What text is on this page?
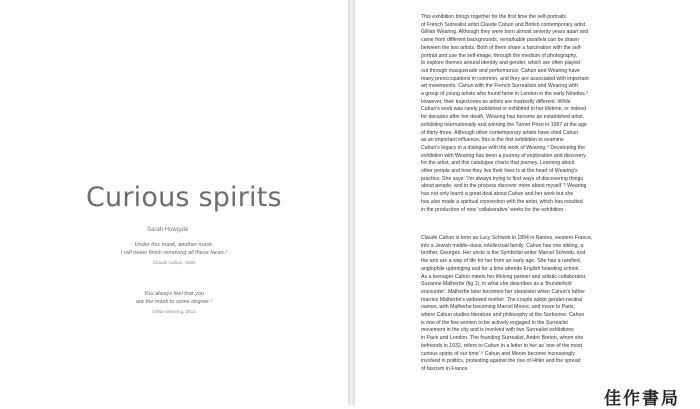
Curious spirits
Sarah Howgate
Under this mask, another mask.
I will never finish removing all these faces.¹
Claude Cahun, 1930
You always feel that you
are the mask to some degree.²
Gillian Wearing, 2012
This exhibition brings together for the first time the self-portraits
of French Surrealist artist Claude Cahun and British contemporary artist
Gillian Wearing. Although they were born almost seventy years apart and
came from different backgrounds, remarkable parallels can be drawn
between the two artists. Both of them share a fascination with the self-
portrait and use the self-image, through the medium of photography,
to explore themes around identity and gender, which are often played
out through masquerade and performance. Cahun and Wearing have
many preoccupations in common, and they are associated with important
art movements: Cahun with the French Surrealists and Wearing with
a group of young artists who found fame in London in the early Nineties.³
However, their trajectories as artists are markedly different. While
Cahun's work was rarely published or exhibited in her lifetime, or indeed
for decades after her death, Wearing has become an established artist,
exhibiting internationally and winning the Turner Prize in 1997 at the age
of thirty-three. Although other contemporary artists have cited Cahun
as an important influence, this is the first exhibition to examine
Cahun's legacy in a dialogue with the work of Wearing.⁴ Developing the
exhibition with Wearing has been a journey of exploration and discovery
for the artist, and this catalogue charts that journey. Learning about
other people and how they live their lives is at the heart of Wearing's
practice. She says: 'I'm always trying to find ways of discovering things
about people, and in the process discover more about myself.'⁵ Wearing
has not only learnt a great deal about Cahun and her work but she
has also made a spiritual connection with the artist, which has resulted
in the production of new 'collaborative' works for the exhibition.
Claude Cahun is born as Lucy Schwob in 1894 in Nantes, western France,
into a Jewish middle-class, intellectual family. Cahun has one sibling, a
brother, Georges. Her uncle is the Symbolist writer Marcel Schwob, and
the arts are a way of life for her from an early age. She has a rarefied,
anglophile upbringing and for a time attends English boarding school.
As a teenager Cahun meets her lifelong partner and artistic collaborator,
Suzanne Malherbe (fig.1), in what she describes as a 'thunderbolt
encounter'. Malherbe later becomes her stepsister when Cahun's father
marries Malherbe's widowed mother. The couple adopt gender-neutral
names, with Malherbe becoming Marcel Moore, and move to Paris,
where Cahun studies literature and philosophy at the Sorbonne. Cahun
is one of the few women to be actively engaged in the Surrealist
movement in the city and is involved with two Surrealist exhibitions
in Paris and London. The founding Surrealist, André Breton, whom she
befriends in 1932, refers to Cahun in a letter to her as 'one of the most
curious spirits of our time'.⁶ Cahun and Moore become increasingly
involved in politics, protesting against the rise of Hitler and the spread
of fascism in France.
佳作書局
